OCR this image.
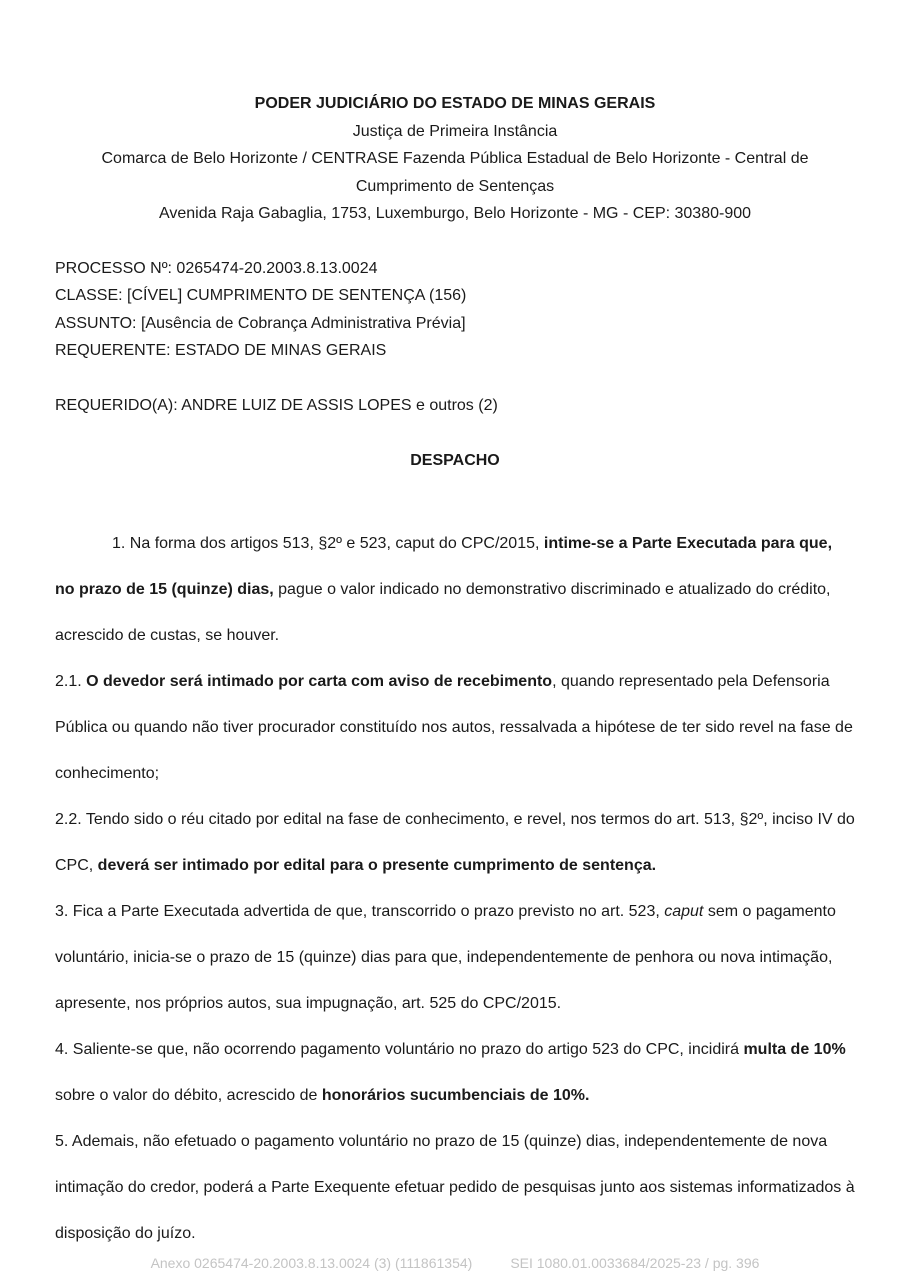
PODER JUDICIÁRIO DO ESTADO DE MINAS GERAIS
Justiça de Primeira Instância
Comarca de Belo Horizonte / CENTRASE Fazenda Pública Estadual de Belo Horizonte - Central de Cumprimento de Sentenças
Avenida Raja Gabaglia, 1753, Luxemburgo, Belo Horizonte - MG - CEP: 30380-900
PROCESSO Nº: 0265474-20.2003.8.13.0024
CLASSE: [CÍVEL] CUMPRIMENTO DE SENTENÇA (156)
ASSUNTO: [Ausência de Cobrança Administrativa Prévia]
REQUERENTE: ESTADO DE MINAS GERAIS
REQUERIDO(A): ANDRE LUIZ DE ASSIS LOPES e outros (2)
DESPACHO

1. Na forma dos artigos 513, §2º e 523, caput do CPC/2015, intime-se a Parte Executada para que, no prazo de 15 (quinze) dias, pague o valor indicado no demonstrativo discriminado e atualizado do crédito, acrescido de custas, se houver.

2.1. O devedor será intimado por carta com aviso de recebimento, quando representado pela Defensoria Pública ou quando não tiver procurador constituído nos autos, ressalvada a hipótese de ter sido revel na fase de conhecimento;

2.2. Tendo sido o réu citado por edital na fase de conhecimento, e revel, nos termos do art. 513, §2º, inciso IV do CPC, deverá ser intimado por edital para o presente cumprimento de sentença.

3. Fica a Parte Executada advertida de que, transcorrido o prazo previsto no art. 523, caput sem o pagamento voluntário, inicia-se o prazo de 15 (quinze) dias para que, independentemente de penhora ou nova intimação, apresente, nos próprios autos, sua impugnação, art. 525 do CPC/2015.

4. Saliente-se que, não ocorrendo pagamento voluntário no prazo do artigo 523 do CPC, incidirá multa de 10% sobre o valor do débito, acrescido de honorários sucumbenciais de 10%.

5. Ademais, não efetuado o pagamento voluntário no prazo de 15 (quinze) dias, independentemente de nova intimação do credor, poderá a Parte Exequente efetuar pedido de pesquisas junto aos sistemas informatizados à disposição do juízo.

Anexo 0265474-20.2003.8.13.0024 (3) (111861354)	SEI 1080.01.0033684/2025-23 / pg. 396
